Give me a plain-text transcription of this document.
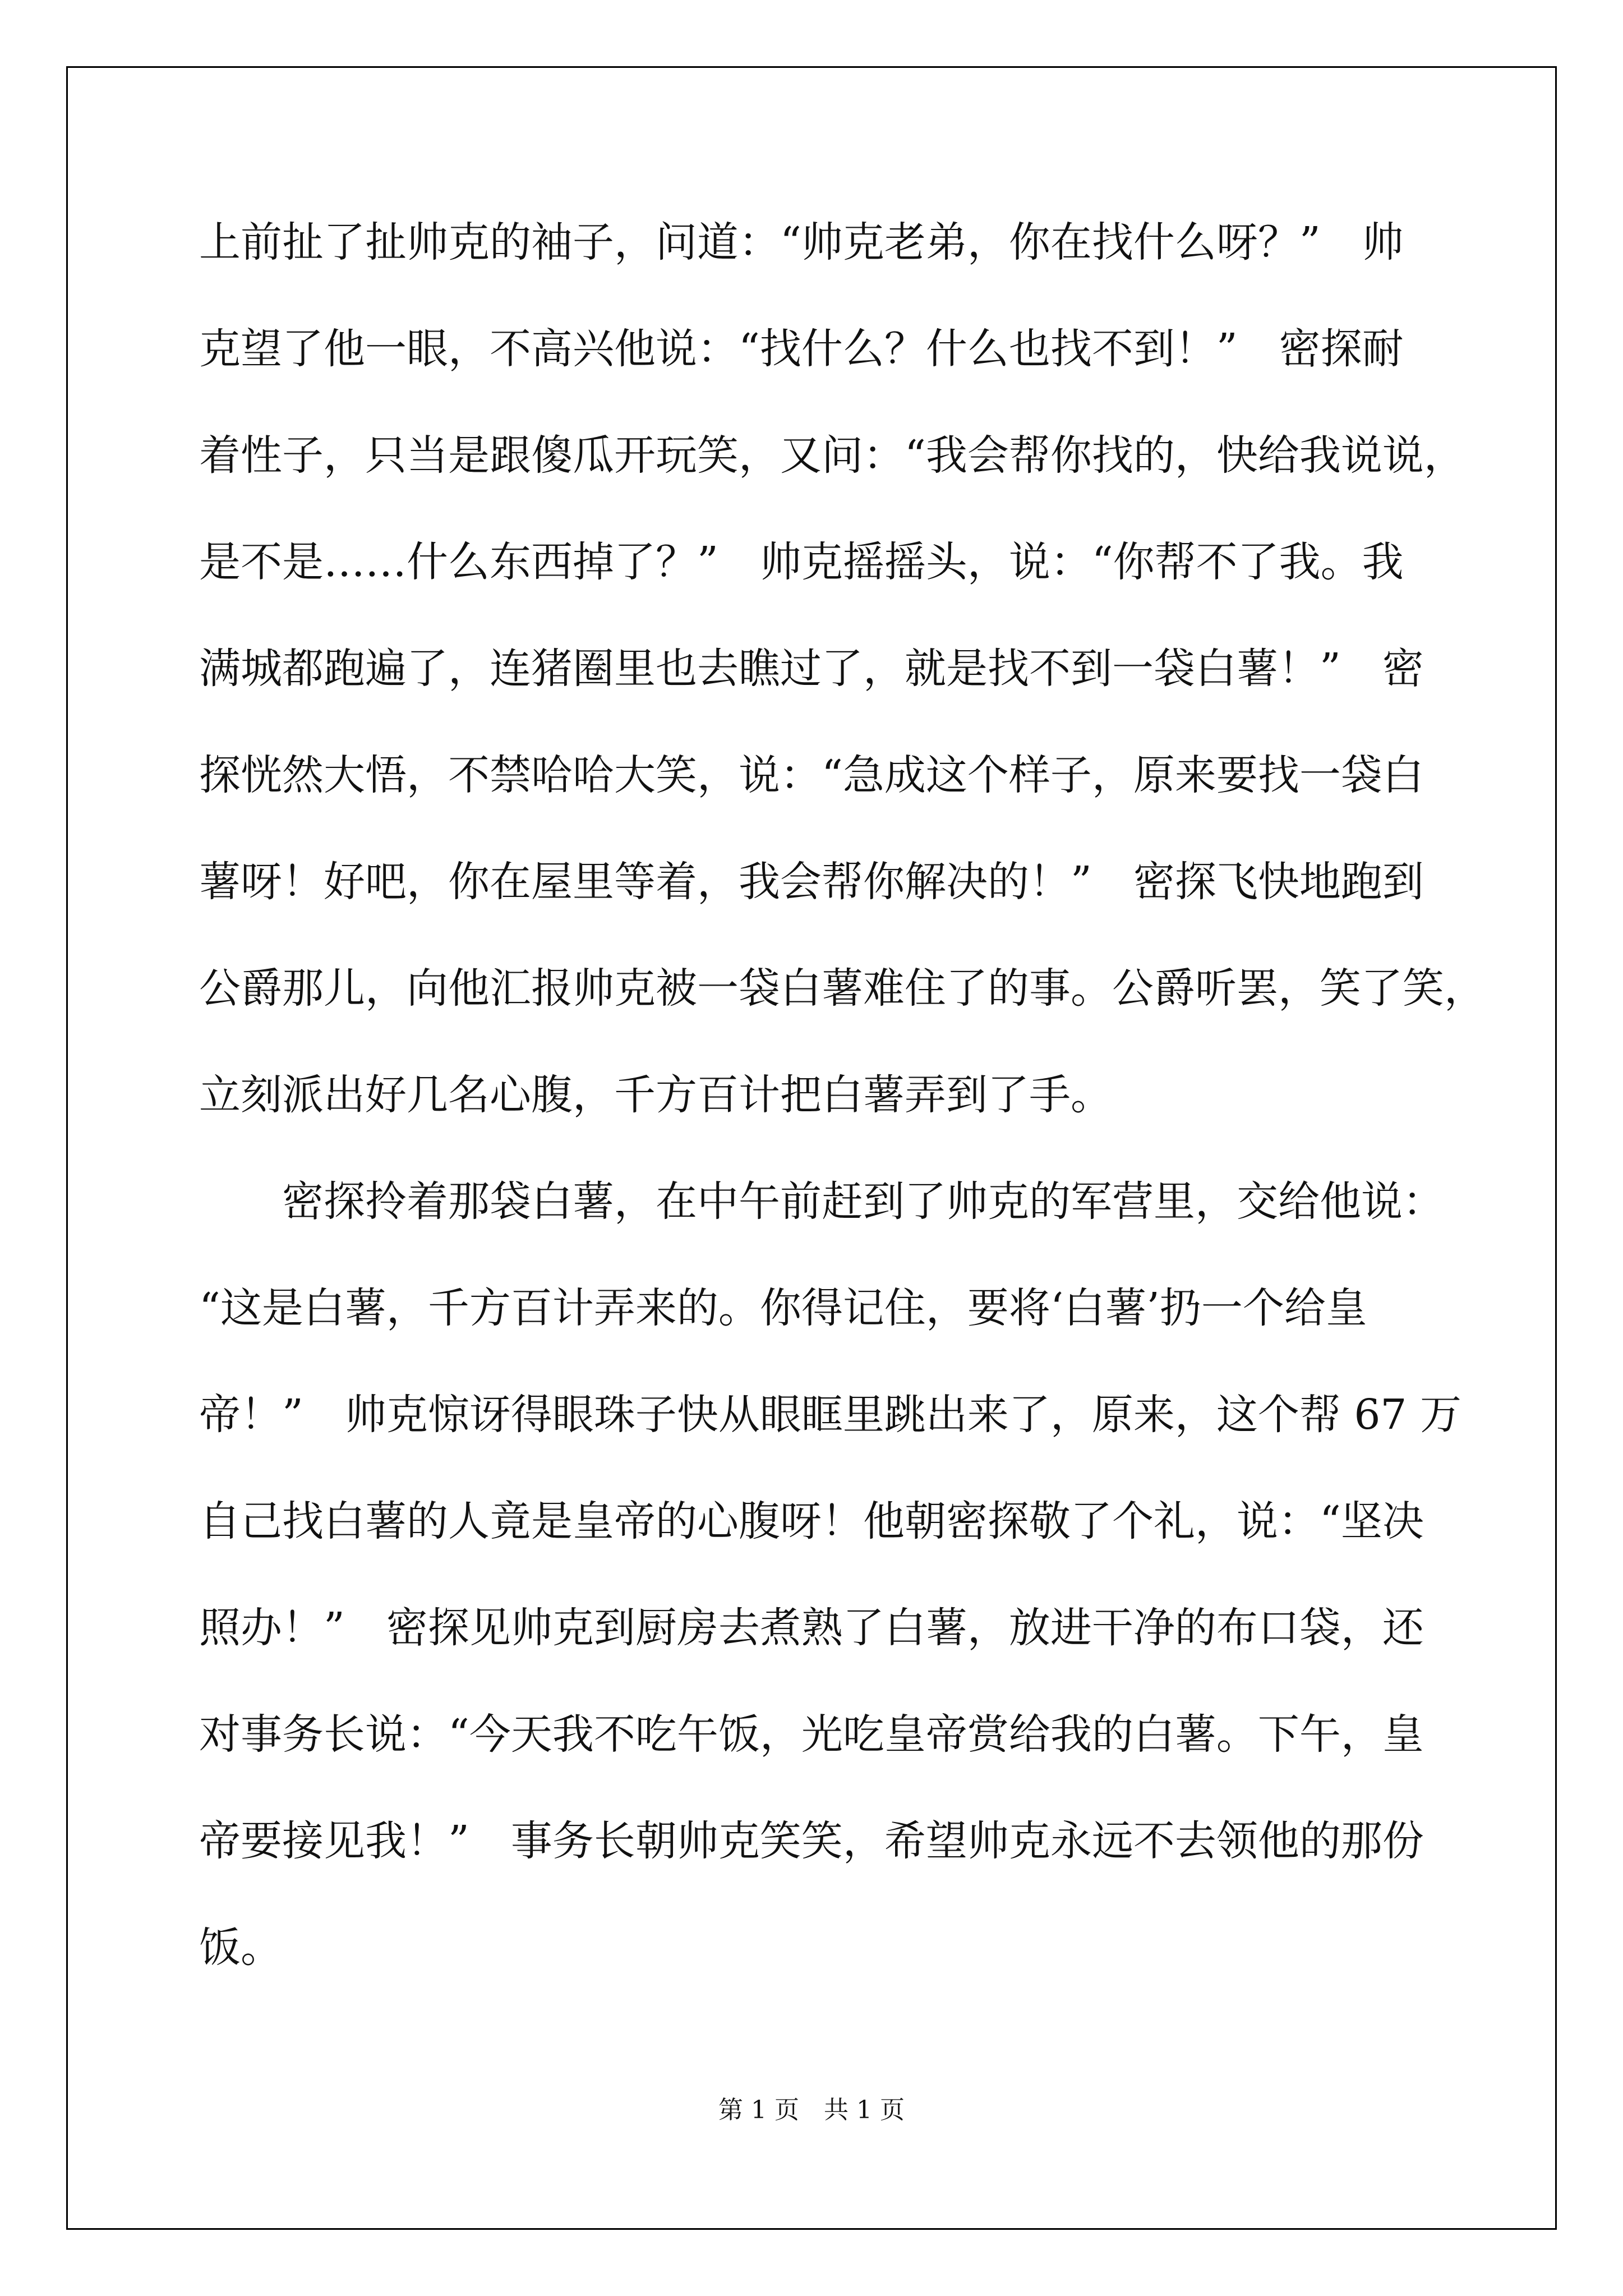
上前扯了扯帅克的袖子，问道：“帅克老弟，你在找什么呀？”　帅
克望了他一眼，不高兴他说：“找什么？什么也找不到！”　密探耐
着性子，只当是跟傻瓜开玩笑，又问：“我会帮你找的，快给我说说，
是不是……什么东西掉了？”　帅克摇摇头，说：“你帮不了我。我
满城都跑遍了，连猪圈里也去瞧过了，就是找不到一袋白薯！”　密
探恍然大悟，不禁哈哈大笑，说：“急成这个样子，原来要找一袋白
薯呀！好吧，你在屋里等着，我会帮你解决的！”　密探飞快地跑到
公爵那儿，向他汇报帅克被一袋白薯难住了的事。公爵听罢，笑了笑，
立刻派出好几名心腹，千方百计把白薯弄到了手。
密探拎着那袋白薯，在中午前赶到了帅克的军营里，交给他说：
“这是白薯，千方百计弄来的。你得记住，要将‘白薯’扔一个给皇
帝！”　帅克惊讶得眼珠子快从眼眶里跳出来了，原来，这个帮 67 万
自己找白薯的人竟是皇帝的心腹呀！他朝密探敬了个礼，说：“坚决
照办！”　密探见帅克到厨房去煮熟了白薯，放进干净的布口袋，还
对事务长说：“今天我不吃午饭，光吃皇帝赏给我的白薯。下午，皇
帝要接见我！”　事务长朝帅克笑笑，希望帅克永远不去领他的那份
饭。
第 1 页　共 1 页
